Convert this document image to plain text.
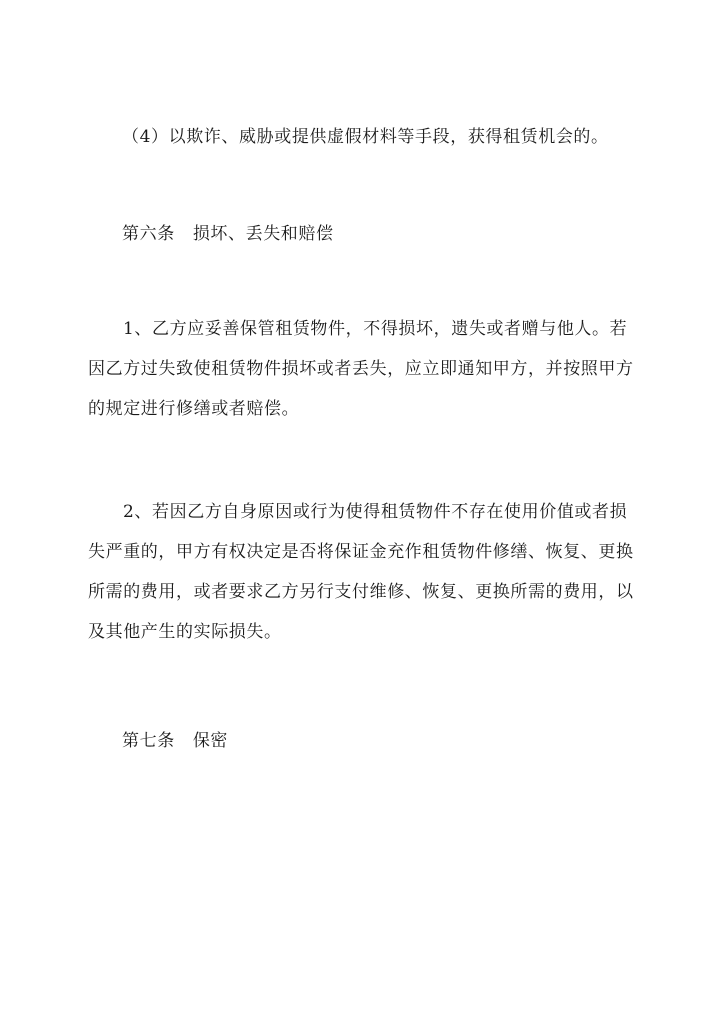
（4）以欺诈、威胁或提供虚假材料等手段，获得租赁机会的。
第六条 损坏、丢失和赔偿
1、乙方应妥善保管租赁物件，不得损坏，遗失或者赠与他人。若因乙方过失致使租赁物件损坏或者丢失，应立即通知甲方，并按照甲方的规定进行修缮或者赔偿。
2、若因乙方自身原因或行为使得租赁物件不存在使用价值或者损失严重的，甲方有权决定是否将保证金充作租赁物件修缮、恢复、更换所需的费用，或者要求乙方另行支付维修、恢复、更换所需的费用，以及其他产生的实际损失。
第七条 保密
